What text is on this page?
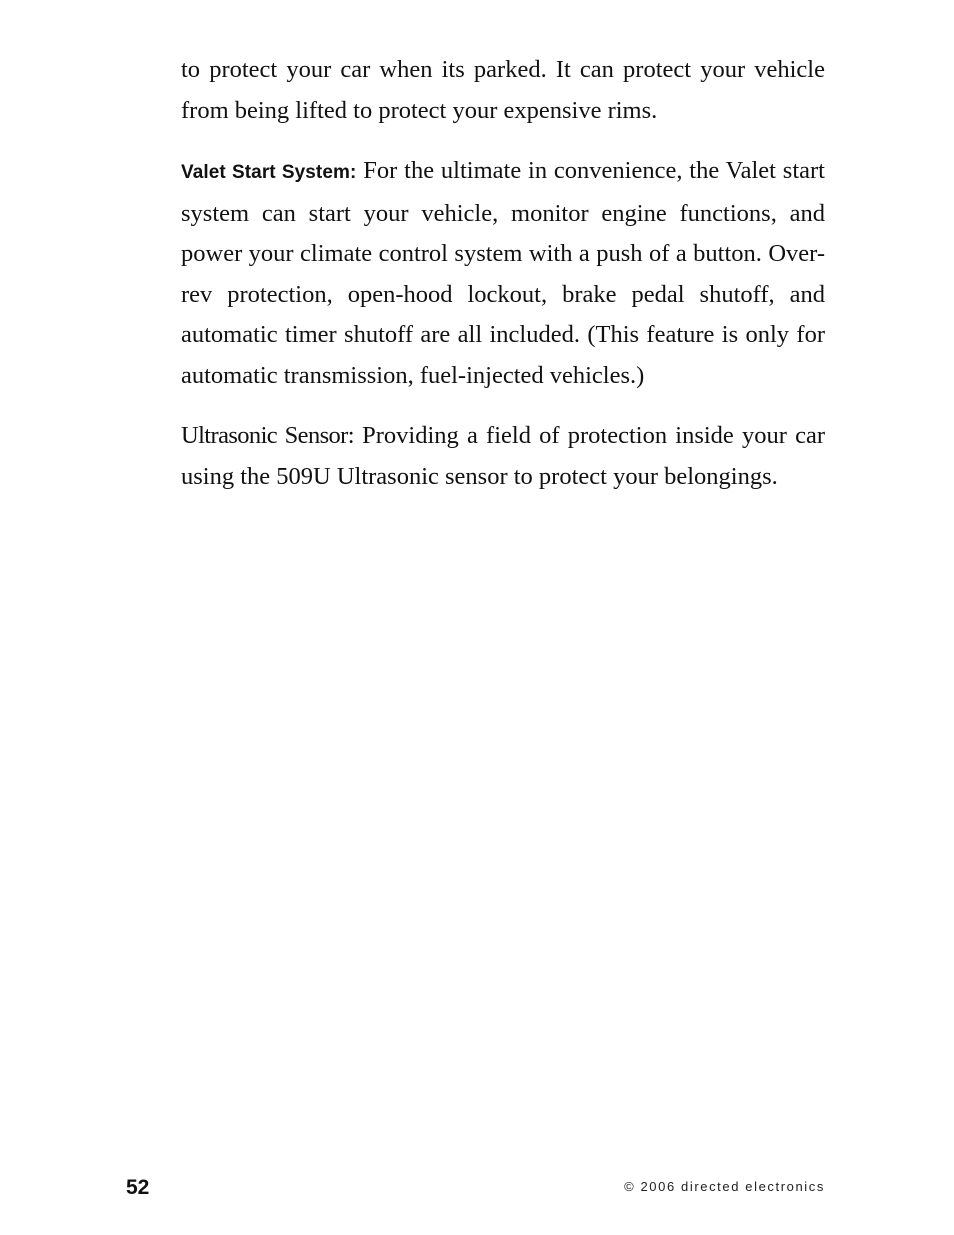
to protect your car when its parked. It can protect your vehicle from being lifted to protect your expensive rims.

Valet Start System: For the ultimate in convenience, the Valet start system can start your vehicle, monitor engine functions, and power your climate control system with a push of a button. Over-rev protection, open-hood lockout, brake pedal shutoff, and automatic timer shutoff are all included. (This feature is only for automatic transmission, fuel-injected vehicles.)

Ultrasonic Sensor: Providing a field of protection inside your car using the 509U Ultrasonic sensor to protect your belongings.

52	© 2006 directed electronics
